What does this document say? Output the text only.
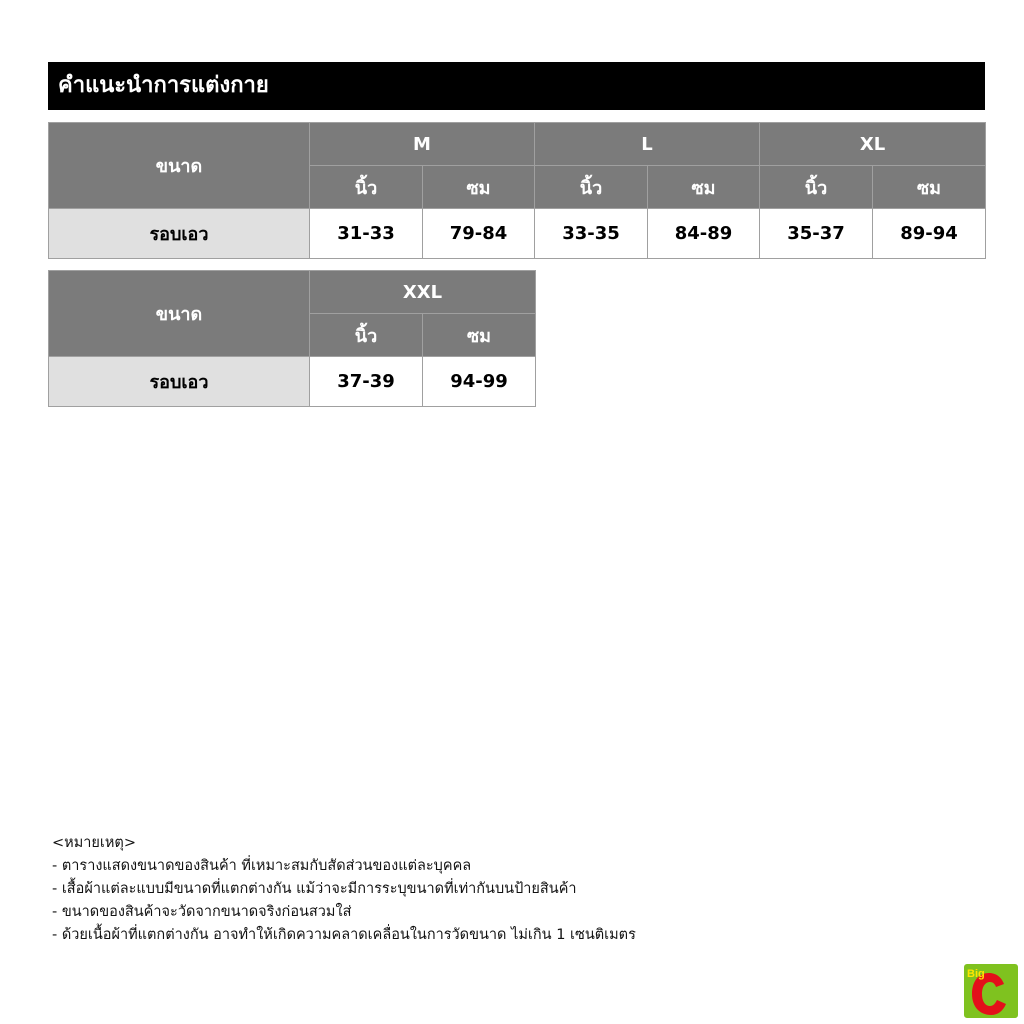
คำแนะนำการแต่งกาย
ขนาด	M		L		XL	
	นิ้ว	ซม	นิ้ว	ซม	นิ้ว	ซม
รอบเอว	31-33	79-84	33-35	84-89	35-37	89-94
ขนาด	XXL	
	นิ้ว	ซม
รอบเอว	37-39	94-99
<หมายเหตุ>
- ตารางแสดงขนาดของสินค้า ที่เหมาะสมกับสัดส่วนของแต่ละบุคคล
- เสื้อผ้าแต่ละแบบมีขนาดที่แตกต่างกัน แม้ว่าจะมีการระบุขนาดที่เท่ากันบนป้ายสินค้า
- ขนาดของสินค้าจะวัดจากขนาดจริงก่อนสวมใส่
- ด้วยเนื้อผ้าที่แตกต่างกัน อาจทำให้เกิดความคลาดเคลื่อนในการวัดขนาด ไม่เกิน 1 เซนติเมตร
Big
